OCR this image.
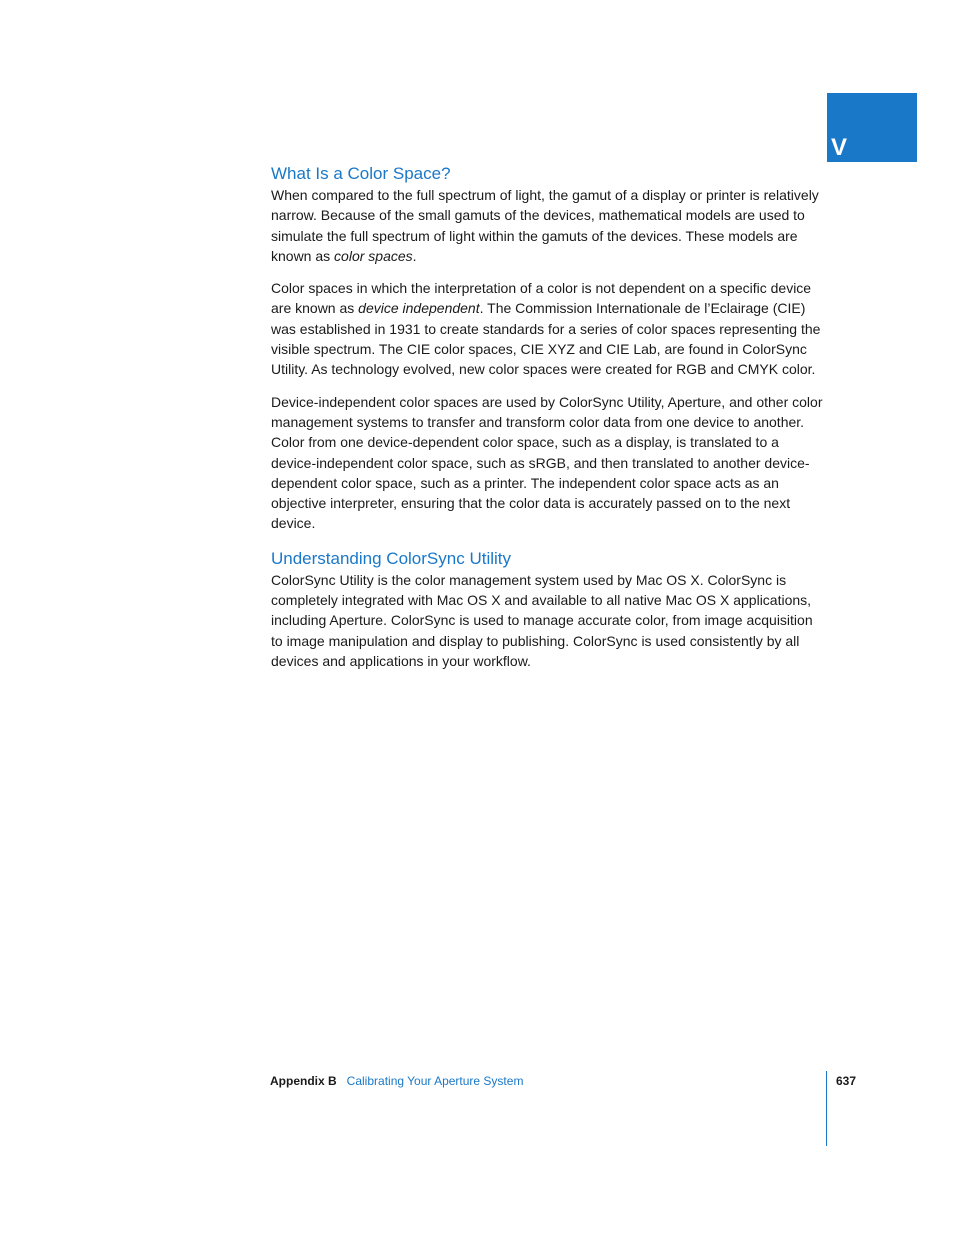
V
What Is a Color Space?

When compared to the full spectrum of light, the gamut of a display or printer is relatively narrow. Because of the small gamuts of the devices, mathematical models are used to simulate the full spectrum of light within the gamuts of the devices. These models are known as color spaces.

Color spaces in which the interpretation of a color is not dependent on a specific device are known as device independent. The Commission Internationale de l’Eclairage (CIE) was established in 1931 to create standards for a series of color spaces representing the visible spectrum. The CIE color spaces, CIE XYZ and CIE Lab, are found in ColorSync Utility. As technology evolved, new color spaces were created for RGB and CMYK color.

Device-independent color spaces are used by ColorSync Utility, Aperture, and other color management systems to transfer and transform color data from one device to another. Color from one device-dependent color space, such as a display, is translated to a device-independent color space, such as sRGB, and then translated to another device-dependent color space, such as a printer. The independent color space acts as an objective interpreter, ensuring that the color data is accurately passed on to the next device.

Understanding ColorSync Utility

ColorSync Utility is the color management system used by Mac OS X. ColorSync is completely integrated with Mac OS X and available to all native Mac OS X applications, including Aperture. ColorSync is used to manage accurate color, from image acquisition to image manipulation and display to publishing. ColorSync is used consistently by all devices and applications in your workflow.

Appendix B Calibrating Your Aperture System	637
